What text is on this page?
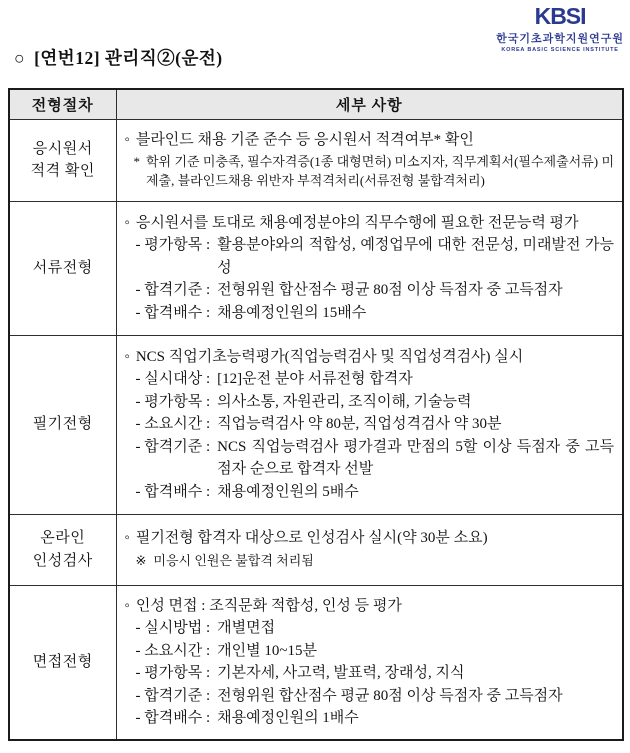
KBSI
한국기초과학지원연구원
KOREA BASIC SCIENCE INSTITUTE
○ [연번12] 관리직②(운전)
전형절차	세부 사항

응시원서
적격 확인

◦ 블라인드 채용 기준 준수 등 응시원서 적격여부* 확인
* 학위 기준 미충족, 필수자격증(1종 대형면허) 미소지자, 직무계획서(필수제출서류) 미제출, 블라인드채용 위반자 부적격처리(서류전형 불합격처리)

서류전형

◦ 응시원서를 토대로 채용예정분야의 직무수행에 필요한 전문능력 평가
- 평가항목 : 활용분야와의 적합성, 예정업무에 대한 전문성, 미래발전 가능성
- 합격기준 : 전형위원 합산점수 평균 80점 이상 득점자 중 고득점자
- 합격배수 : 채용예정인원의 15배수

필기전형

◦ NCS 직업기초능력평가(직업능력검사 및 직업성격검사) 실시
- 실시대상 : [12]운전 분야 서류전형 합격자
- 평가항목 : 의사소통, 자원관리, 조직이해, 기술능력
- 소요시간 : 직업능력검사 약 80분, 직업성격검사 약 30분
- 합격기준 : NCS 직업능력검사 평가결과 만점의 5할 이상 득점자 중 고득점자 순으로 합격자 선발
- 합격배수 : 채용예정인원의 5배수

온라인
인성검사

◦ 필기전형 합격자 대상으로 인성검사 실시(약 30분 소요)
※ 미응시 인원은 불합격 처리됨

면접전형

◦ 인성 면접 : 조직문화 적합성, 인성 등 평가
- 실시방법 : 개별면접
- 소요시간 : 개인별 10~15분
- 평가항목 : 기본자세, 사고력, 발표력, 장래성, 지식
- 합격기준 : 전형위원 합산점수 평균 80점 이상 득점자 중 고득점자
- 합격배수 : 채용예정인원의 1배수
